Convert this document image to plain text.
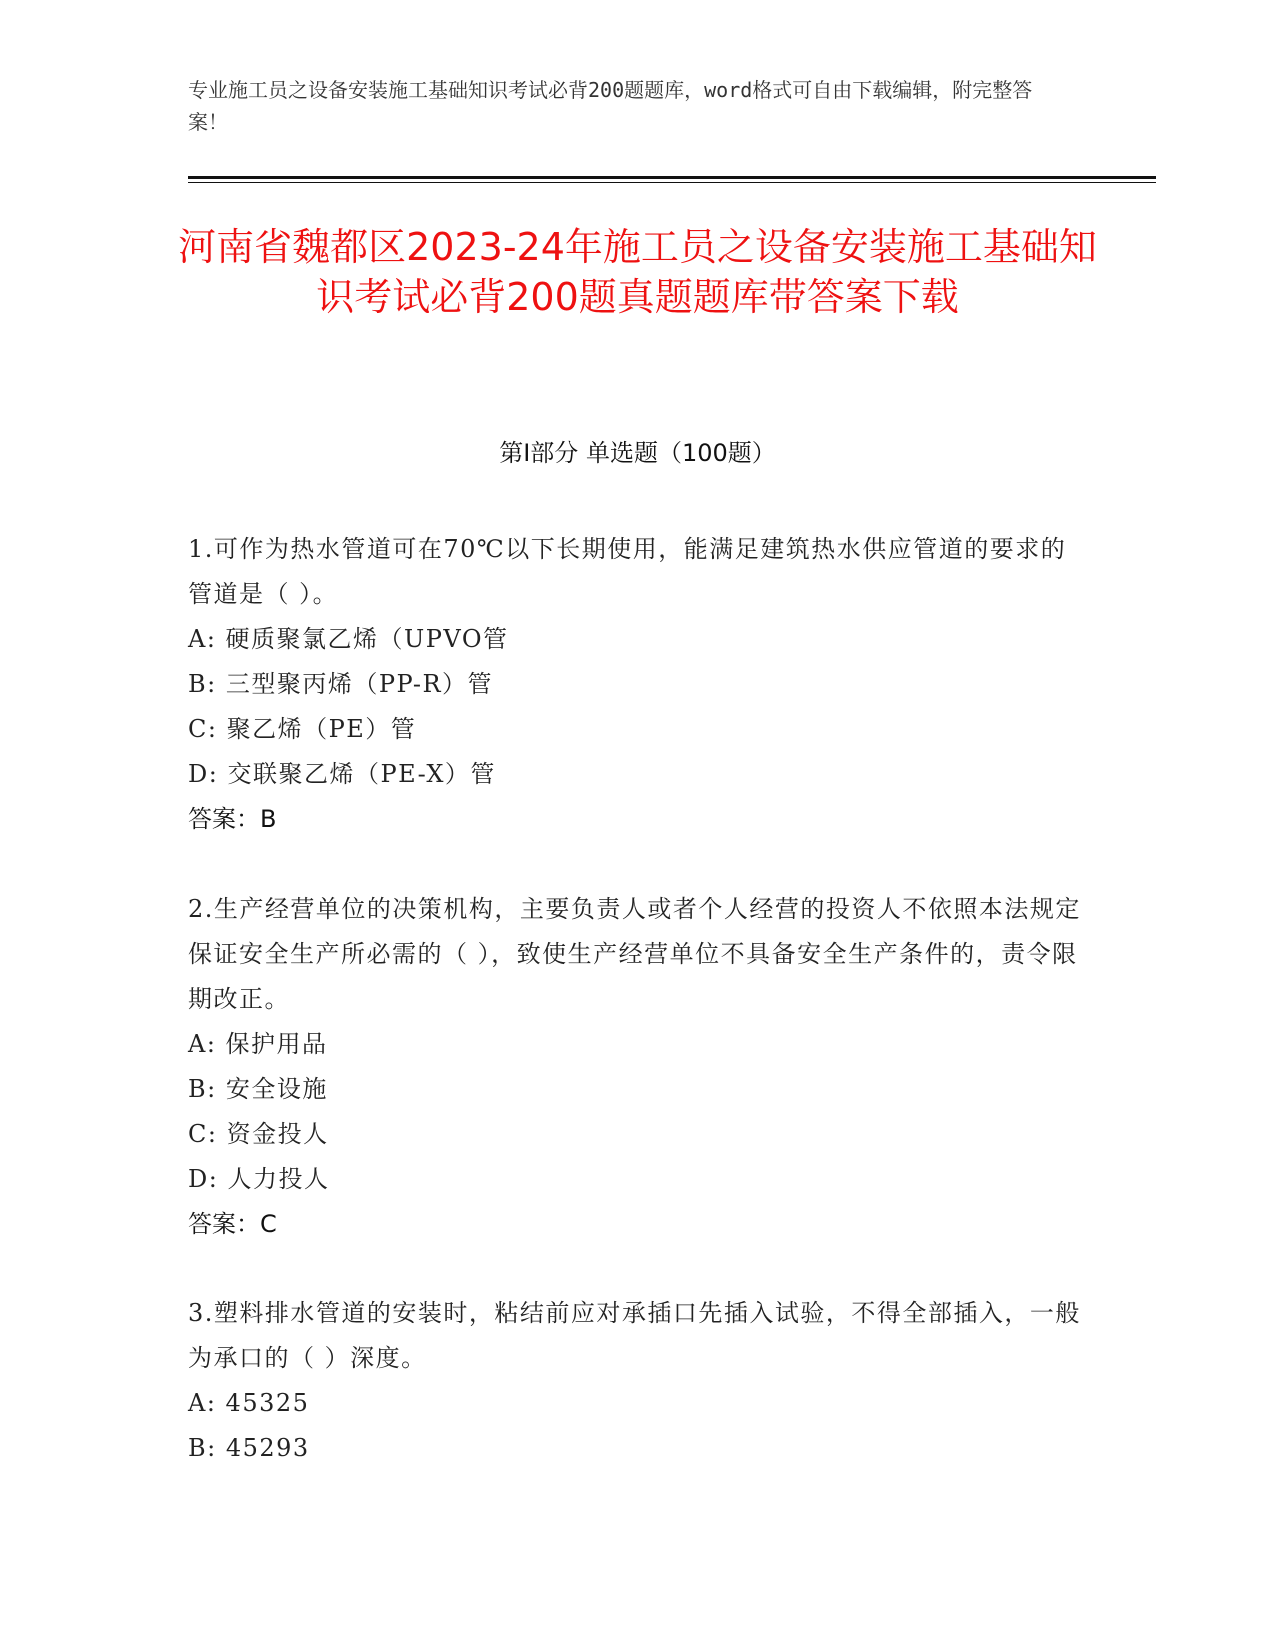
专业施工员之设备安装施工基础知识考试必背200题题库，word格式可自由下载编辑，附完整答案！

河南省魏都区2023-24年施工员之设备安装施工基础知识考试必背200题真题题库带答案下载
第I部分 单选题（100题）

1.可作为热水管道可在70℃以下长期使用，能满足建筑热水供应管道的要求的管道是（ ）。

A: 硬质聚氯乙烯（UPVO管

B: 三型聚丙烯（PP-R）管

C: 聚乙烯（PE）管

D: 交联聚乙烯（PE-X）管

答案：B

2.生产经营单位的决策机构，主要负责人或者个人经营的投资人不依照本法规定保证安全生产所必需的（ ），致使生产经营单位不具备安全生产条件的，责令限期改正。

A: 保护用品

B: 安全设施

C: 资金投人

D: 人力投人

答案：C

3.塑料排水管道的安装时，粘结前应对承插口先插入试验，不得全部插入，一般为承口的（ ）深度。

A: 45325

B: 45293
